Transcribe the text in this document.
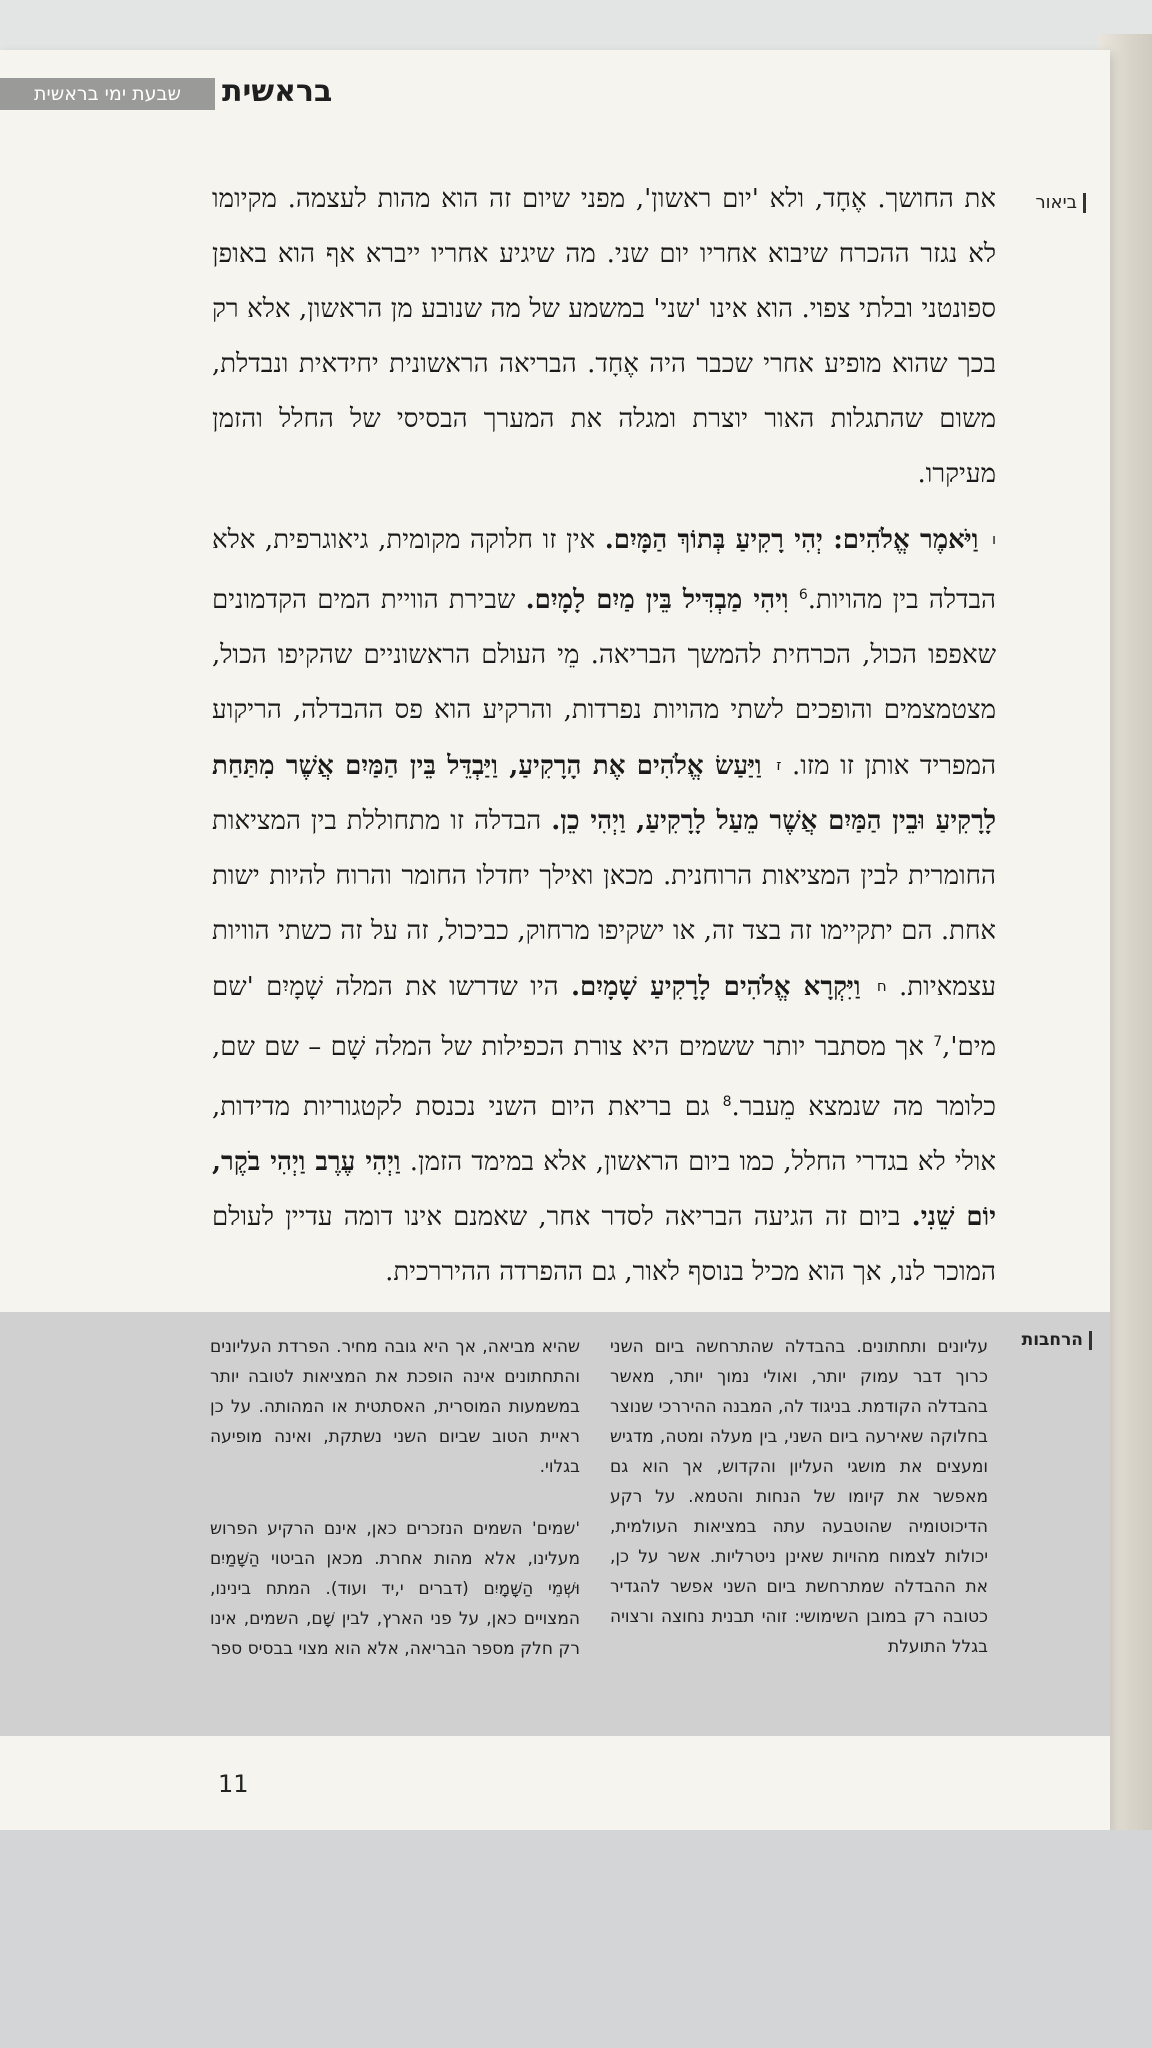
שבעת ימי בראשית	בראשית
ביאור

את החושך. אֶחָד, ולא 'יום ראשון', מפני שיום זה הוא מהות לעצמה. מקיומו לא נגזר ההכרח שיבוא אחריו יום שני. מה שיגיע אחריו ייברא אף הוא באופן ספונטני ובלתי צפוי. הוא אינו 'שני' במשמע של מה שנובע מן הראשון, אלא רק בכך שהוא מופיע אחרי שכבר היה אֶחָד. הבריאה הראשונית יחידאית ונבדלת, משום שהתגלות האור יוצרת ומגלה את המערך הבסיסי של החלל והזמן מעיקרו.

ו וַיֹּאמֶר אֱלֹהִים: יְהִי רָקִיעַ בְּתוֹךְ הַמָּיִם. אין זו חלוקה מקומית, גיאוגרפית, אלא הבדלה בין מהויות.$^6$ וִיהִי מַבְדִּיל בֵּין מַיִם לָמָיִם. שבירת הוויית המים הקדמונים שאפפו הכול, הכרחית להמשך הבריאה. מֵי העולם הראשוניים שהקיפו הכול, מצטמצמים והופכים לשתי מהויות נפרדות, והרקיע הוא פס ההבדלה, הריקוע המפריד אותן זו מזו. ז וַיַּעַשׂ אֱלֹהִים אֶת הָרָקִיעַ, וַיַּבְדֵּל בֵּין הַמַּיִם אֲשֶׁר מִתַּחַת לָרָקִיעַ וּבֵין הַמַּיִם אֲשֶׁר מֵעַל לָרָקִיעַ, וַיְהִי כֵן. הבדלה זו מתחוללת בין המציאות החומרית לבין המציאות הרוחנית. מכאן ואילך יחדלו החומר והרוח להיות ישות אחת. הם יתקיימו זה בצד זה, או ישקיפו מרחוק, כביכול, זה על זה כשתי הוויות עצמאיות. ח וַיִּקְרָא אֱלֹהִים לָרָקִיעַ שָׁמָיִם. היו שדרשו את המלה שָׁמָיִם 'שם מים',$^7$ אך מסתבר יותר ששמים היא צורת הכפילות של המלה שָׁם – שם שם, כלומר מה שנמצא מֵעבר.$^8$ גם בריאת היום השני נכנסת לקטגוריות מדידות, אולי לא בגדרי החלל, כמו ביום הראשון, אלא במימד הזמן. וַיְהִי עֶרֶב וַיְהִי בֹקֶר, יוֹם שֵׁנִי. ביום זה הגיעה הבריאה לסדר אחר, שאמנם אינו דומה עדיין לעולם המוכר לנו, אך הוא מכיל בנוסף לאור, גם ההפרדה ההיררכית.

הרחבות

עליונים ותחתונים. בהבדלה שהתרחשה ביום השני כרוך דבר עמוק יותר, ואולי נמוך יותר, מאשר בהבדלה הקודמת. בניגוד לה, המבנה ההיררכי שנוצר בחלוקה שאירעה ביום השני, בין מעלה ומטה, מדגיש ומעצים את מושגי העליון והקדוש, אך הוא גם מאפשר את קיומו של הנחות והטמא. על רקע הדיכוטומיה שהוטבעה עתה במציאות העולמית, יכולות לצמוח מהויות שאינן ניטרליות. אשר על כן, את ההבדלה שמתרחשת ביום השני אפשר להגדיר כטובה רק במובן השימושי: זוהי תבנית נחוצה ורצויה בגלל התועלת

שהיא מביאה, אך היא גובה מחיר. הפרדת העליונים והתחתונים אינה הופכת את המציאות לטובה יותר במשמעות המוסרית, האסתטית או המהותה. על כן ראיית הטוב שביום השני נשתקת, ואינה מופיעה בגלוי.

'שמים' השמים הנזכרים כאן, אינם הרקיע הפרוש מעלינו, אלא מהות אחרת. מכאן הביטוי הַשָּׁמַיִם וּשְׁמֵי הַשָּׁמָיִם (דברים י,יד ועוד). המתח בינינו, המצויים כאן, על פני הארץ, לבין שָׁם, השמים, אינו רק חלק מספר הבריאה, אלא הוא מצוי בבסיס ספר

11
